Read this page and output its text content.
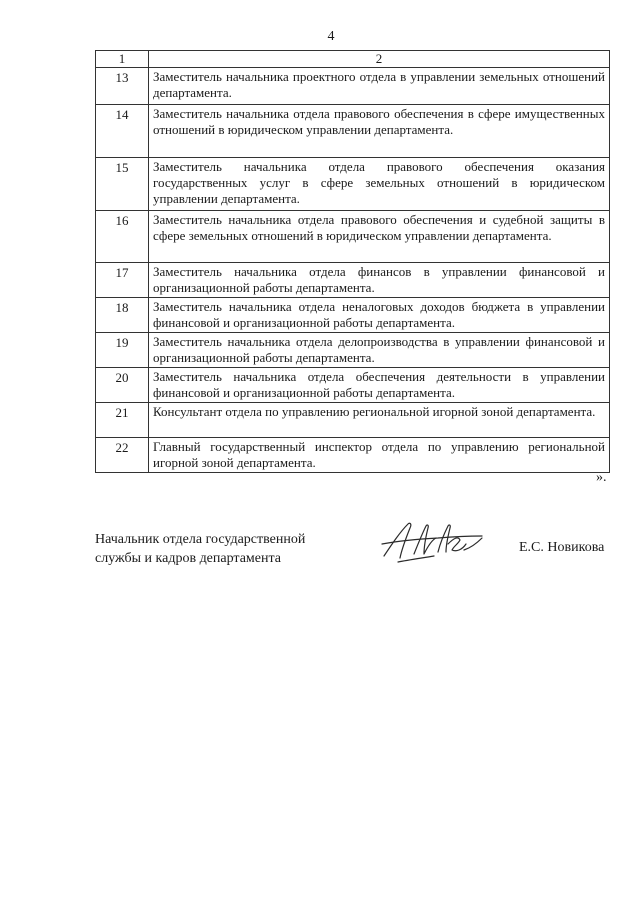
4
1	2
13	Заместитель начальника проектного отдела в управлении земельных отношений департамента.
14	Заместитель начальника отдела правового обеспечения в сфере имущественных отношений в юридическом управлении департамента.
15	Заместитель начальника отдела правового обеспечения оказания государственных услуг в сфере земельных отношений в юридическом управлении департамента.
16	Заместитель начальника отдела правового обеспечения и судебной защиты в сфере земельных отношений в юридическом управлении департамента.
17	Заместитель начальника отдела финансов в управлении финансовой и организационной работы департамента.
18	Заместитель начальника отдела неналоговых доходов бюджета в управлении финансовой и организационной работы департамента.
19	Заместитель начальника отдела делопроизводства в управлении финансовой и организационной работы департамента.
20	Заместитель начальника отдела обеспечения деятельности в управлении финансовой и организационной работы департамента.
21	Консультант отдела по управлению региональной игорной зоной департамента.
22	Главный государственный инспектор отдела по управлению региональной игорной зоной департамента.
».
Начальник отдела государственной
службы и кадров департамента
Е.С. Новикова
